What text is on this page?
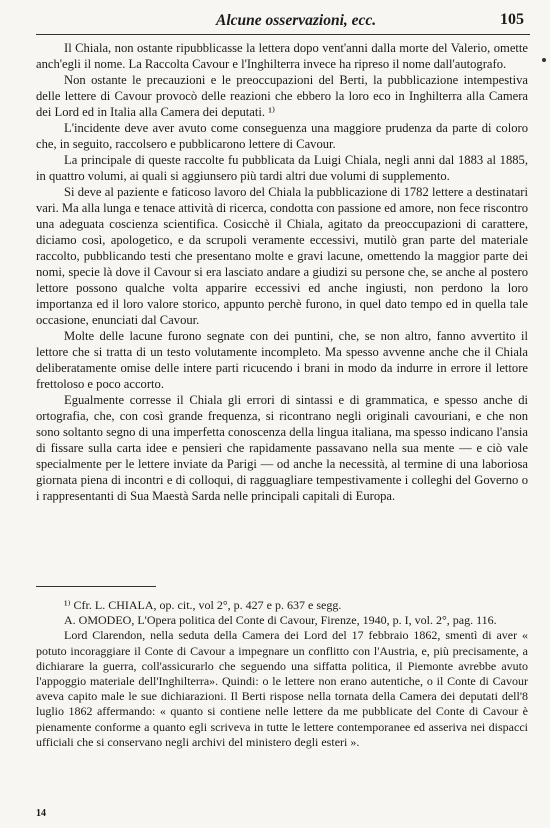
Alcune osservazioni, ecc.	105

Il Chiala, non ostante ripubblicasse la lettera dopo vent'anni dalla morte del Valerio, omette anch'egli il nome. La Raccolta Cavour e l'Inghilterra invece ha ripreso il nome dall'autografo.

Non ostante le precauzioni e le preoccupazioni del Berti, la pubblicazione intempestiva delle lettere di Cavour provocò delle reazioni che ebbero la loro eco in Inghilterra alla Camera dei Lord ed in Italia alla Camera dei deputati. ¹⁾

L'incidente deve aver avuto come conseguenza una maggiore prudenza da parte di coloro che, in seguito, raccolsero e pubblicarono lettere di Cavour.

La principale di queste raccolte fu pubblicata da Luigi Chiala, negli anni dal 1883 al 1885, in quattro volumi, ai quali si aggiunsero più tardi altri due volumi di supplemento.

Si deve al paziente e faticoso lavoro del Chiala la pubblicazione di 1782 lettere a destinatari vari. Ma alla lunga e tenace attività di ricerca, condotta con passione ed amore, non fece riscontro una adeguata coscienza scientifica. Cosicchè il Chiala, agitato da preoccupazioni di carattere, diciamo così, apologetico, e da scrupoli veramente eccessivi, mutilò gran parte del materiale raccolto, pubblicando testi che presentano molte e gravi lacune, omettendo la maggior parte dei nomi, specie là dove il Cavour si era lasciato andare a giudizi su persone che, se anche al postero lettore possono qualche volta apparire eccessivi ed anche ingiusti, non perdono la loro importanza ed il loro valore storico, appunto perchè furono, in quel dato tempo ed in quella tale occasione, enunciati dal Cavour.

Molte delle lacune furono segnate con dei puntini, che, se non altro, fanno avvertito il lettore che si tratta di un testo volutamente incompleto. Ma spesso avvenne anche che il Chiala deliberatamente omise delle intere parti ricucendo i brani in modo da indurre in errore il lettore frettoloso e poco accorto.

Egualmente corresse il Chiala gli errori di sintassi e di grammatica, e spesso anche di ortografia, che, con così grande frequenza, si ricontrano negli originali cavouriani, e che non sono soltanto segno di una imperfetta conoscenza della lingua italiana, ma spesso indicano l'ansia di fissare sulla carta idee e pensieri che rapidamente passavano nella sua mente — e ciò vale specialmente per le lettere inviate da Parigi — od anche la necessità, al termine di una laboriosa giornata piena di incontri e di colloqui, di ragguagliare tempestivamente i colleghi del Governo o i rappresentanti di Sua Maestà Sarda nelle principali capitali di Europa.

¹⁾ Cfr. L. CHIALA, op. cit., vol 2°, p. 427 e p. 637 e segg.

A. OMODEO, L'Opera politica del Conte di Cavour, Firenze, 1940, p. I, vol. 2°, pag. 116.

Lord Clarendon, nella seduta della Camera dei Lord del 17 febbraio 1862, smentì di aver « potuto incoraggiare il Conte di Cavour a impegnare un conflitto con l'Austria, e, più precisamente, a dichiarare la guerra, coll'assicurarlo che seguendo una siffatta politica, il Piemonte avrebbe avuto l'appoggio materiale dell'Inghilterra». Quindi: o le lettere non erano autentiche, o il Conte di Cavour aveva capito male le sue dichiarazioni. Il Berti rispose nella tornata della Camera dei deputati dell'8 luglio 1862 affermando: « quanto si contiene nelle lettere da me pubblicate del Conte di Cavour è pienamente conforme a quanto egli scriveva in tutte le lettere contemporanee ed asseriva nei dispacci ufficiali che si conservano negli archivi del ministero degli esteri ».

14
